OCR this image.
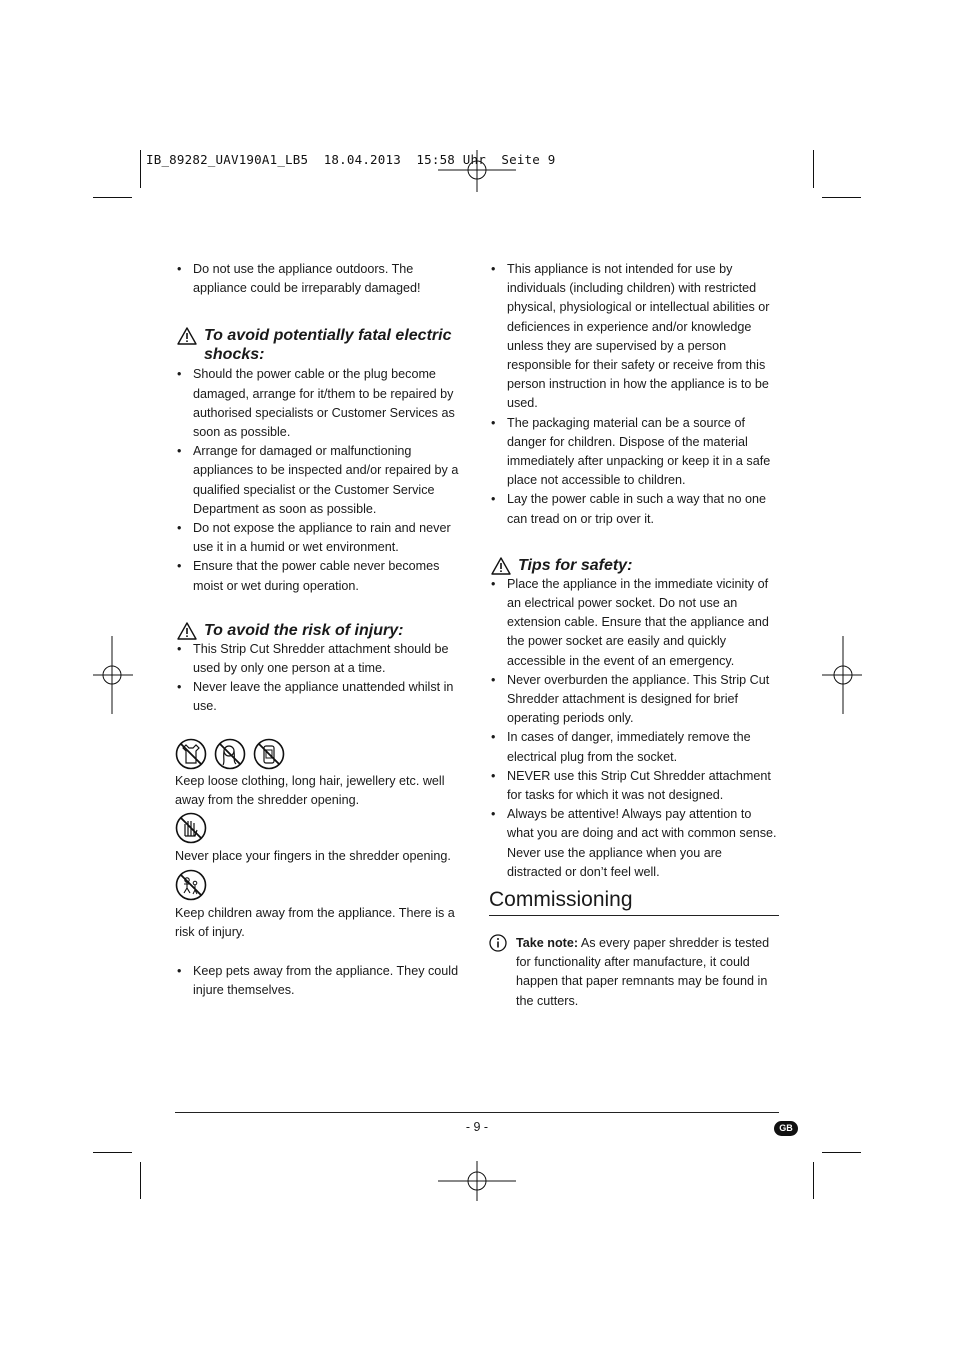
IB_89282_UAV190A1_LB5  18.04.2013  15:58 Uhr  Seite 9
• Do not use the appliance outdoors. The appliance could be irreparably damaged!
To avoid potentially fatal electric shocks:
• Should the power cable or the plug become damaged, arrange for it/them to be repaired by authorised specialists or Customer Services as soon as possible.
• Arrange for damaged or malfunctioning appliances to be inspected and/or repaired by a qualified specialist or the Customer Service Department as soon as possible.
• Do not expose the appliance to rain and never use it in a humid or wet environment.
• Ensure that the power cable never becomes moist or wet during operation.
To avoid the risk of injury:
• This Strip Cut Shredder attachment should be used by only one person at a time.
• Never leave the appliance unattended whilst in use.

Keep loose clothing, long hair, jewellery etc. well away from the shredder opening.

Never place your fingers in the shredder opening.

Keep children away from the appliance. There is a risk of injury.

• Keep pets away from the appliance. They could injure themselves.
• This appliance is not intended for use by individuals (including children) with restricted physical, physiological or intellectual abilities or deficiences in experience and/or knowledge unless they are supervised by a person responsible for their safety or receive from this person instruction in how the appliance is to be used.
• The packaging material can be a source of danger for children. Dispose of the material immediately after unpacking or keep it in a safe place not accessible to children.
• Lay the power cable in such a way that no one can tread on or trip over it.
Tips for safety:
• Place the appliance in the immediate vicinity of an electrical power socket. Do not use an extension cable. Ensure that the appliance and the power socket are easily and quickly accessible in the event of an emergency.
• Never overburden the appliance. This Strip Cut Shredder attachment is designed for brief operating periods only.
• In cases of danger, immediately remove the electrical plug from the socket.
• NEVER use this Strip Cut Shredder attachment for tasks for which it was not designed.
• Always be attentive! Always pay attention to what you are doing and act with common sense. Never use the appliance when you are distracted or don’t feel well.
Commissioning
Take note: As every paper shredder is tested for functionality after manufacture, it could happen that paper remnants may be found in the cutters.
- 9 -	GB
